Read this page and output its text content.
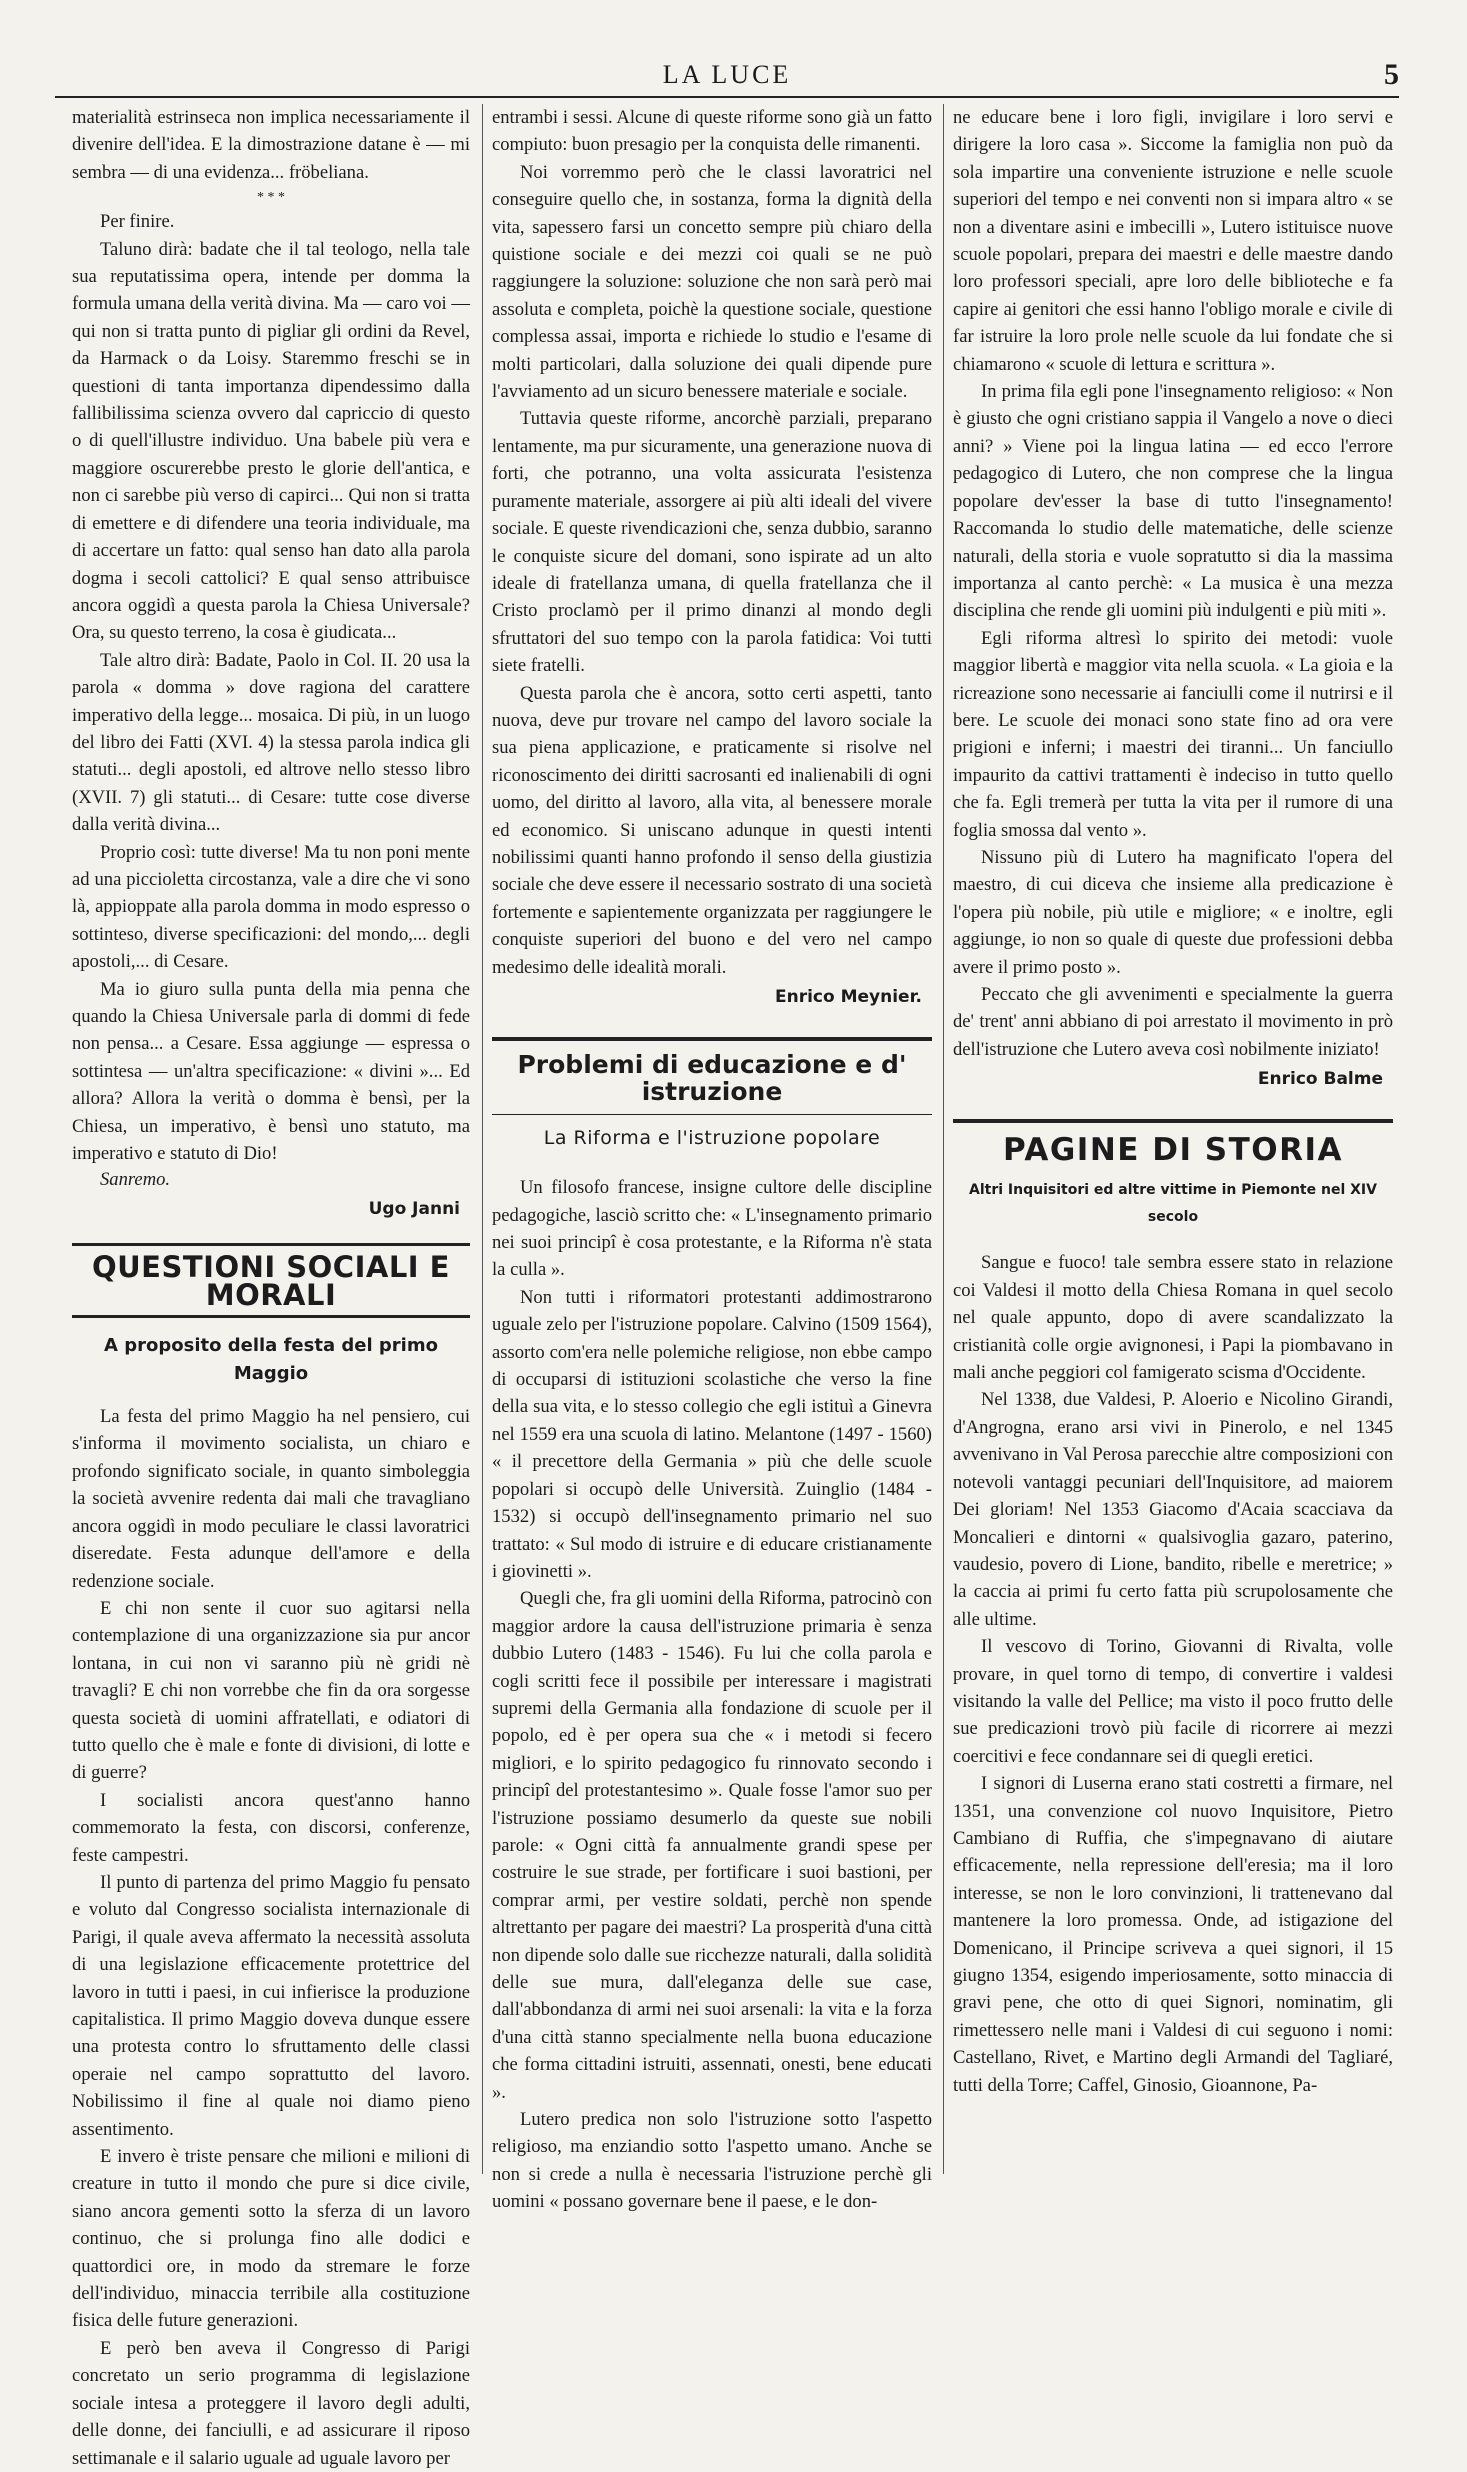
LA LUCE	5

materialità estrinseca non implica necessariamente il divenire dell'idea. E la dimostrazione datane è — mi sembra — di una evidenza... fröbeliana.

* * *

Per finire.

Taluno dirà: badate che il tal teologo, nella tale sua reputatissima opera, intende per domma la formula umana della verità divina. Ma — caro voi — qui non si tratta punto di pigliar gli ordini da Revel, da Harmack o da Loisy. Staremmo freschi se in questioni di tanta importanza dipendessimo dalla fallibilissima scienza ovvero dal capriccio di questo o di quell'illustre individuo. Una babele più vera e maggiore oscurerebbe presto le glorie dell'antica, e non ci sarebbe più verso di capirci... Qui non si tratta di emettere e di difendere una teoria individuale, ma di accertare un fatto: qual senso han dato alla parola dogma i secoli cattolici? E qual senso attribuisce ancora oggidì a questa parola la Chiesa Universale? Ora, su questo terreno, la cosa è giudicata...

Tale altro dirà: Badate, Paolo in Col. II. 20 usa la parola « domma » dove ragiona del carattere imperativo della legge... mosaica. Di più, in un luogo del libro dei Fatti (XVI. 4) la stessa parola indica gli statuti... degli apostoli, ed altrove nello stesso libro (XVII. 7) gli statuti... di Cesare: tutte cose diverse dalla verità divina...

Proprio così: tutte diverse! Ma tu non poni mente ad una piccioletta circostanza, vale a dire che vi sono là, appioppate alla parola domma in modo espresso o sottinteso, diverse specificazioni: del mondo,... degli apostoli,... di Cesare.

Ma io giuro sulla punta della mia penna che quando la Chiesa Universale parla di dommi di fede non pensa... a Cesare. Essa aggiunge — espressa o sottintesa — un'altra specificazione: « divini »... Ed allora? Allora la verità o domma è bensì, per la Chiesa, un imperativo, è bensì uno statuto, ma imperativo e statuto di Dio!

Sanremo.
Ugo Janni
QUESTIONI SOCIALI E MORALI
A proposito della festa del primo Maggio

La festa del primo Maggio ha nel pensiero, cui s'informa il movimento socialista, un chiaro e profondo significato sociale, in quanto simboleggia la società avvenire redenta dai mali che travagliano ancora oggidì in modo peculiare le classi lavoratrici diseredate. Festa adunque dell'amore e della redenzione sociale.

E chi non sente il cuor suo agitarsi nella contemplazione di una organizzazione sia pur ancor lontana, in cui non vi saranno più nè gridi nè travagli? E chi non vorrebbe che fin da ora sorgesse questa società di uomini affratellati, e odiatori di tutto quello che è male e fonte di divisioni, di lotte e di guerre?

I socialisti ancora quest'anno hanno commemorato la festa, con discorsi, conferenze, feste campestri.

Il punto di partenza del primo Maggio fu pensato e voluto dal Congresso socialista internazionale di Parigi, il quale aveva affermato la necessità assoluta di una legislazione efficacemente protettrice del lavoro in tutti i paesi, in cui infierisce la produzione capitalistica. Il primo Maggio doveva dunque essere una protesta contro lo sfruttamento delle classi operaie nel campo soprattutto del lavoro. Nobilissimo il fine al quale noi diamo pieno assentimento.

E invero è triste pensare che milioni e milioni di creature in tutto il mondo che pure si dice civile, siano ancora gementi sotto la sferza di un lavoro continuo, che si prolunga fino alle dodici e quattordici ore, in modo da stremare le forze dell'individuo, minaccia terribile alla costituzione fisica delle future generazioni.

E però ben aveva il Congresso di Parigi concretato un serio programma di legislazione sociale intesa a proteggere il lavoro degli adulti, delle donne, dei fanciulli, e ad assicurare il riposo settimanale e il salario uguale ad uguale lavoro per

entrambi i sessi. Alcune di queste riforme sono già un fatto compiuto: buon presagio per la conquista delle rimanenti.

Noi vorremmo però che le classi lavoratrici nel conseguire quello che, in sostanza, forma la dignità della vita, sapessero farsi un concetto sempre più chiaro della quistione sociale e dei mezzi coi quali se ne può raggiungere la soluzione: soluzione che non sarà però mai assoluta e completa, poichè la questione sociale, questione complessa assai, importa e richiede lo studio e l'esame di molti particolari, dalla soluzione dei quali dipende pure l'avviamento ad un sicuro benessere materiale e sociale.

Tuttavia queste riforme, ancorchè parziali, preparano lentamente, ma pur sicuramente, una generazione nuova di forti, che potranno, una volta assicurata l'esistenza puramente materiale, assorgere ai più alti ideali del vivere sociale. E queste rivendicazioni che, senza dubbio, saranno le conquiste sicure del domani, sono ispirate ad un alto ideale di fratellanza umana, di quella fratellanza che il Cristo proclamò per il primo dinanzi al mondo degli sfruttatori del suo tempo con la parola fatidica: Voi tutti siete fratelli.

Questa parola che è ancora, sotto certi aspetti, tanto nuova, deve pur trovare nel campo del lavoro sociale la sua piena applicazione, e praticamente si risolve nel riconoscimento dei diritti sacrosanti ed inalienabili di ogni uomo, del diritto al lavoro, alla vita, al benessere morale ed economico. Si uniscano adunque in questi intenti nobilissimi quanti hanno profondo il senso della giustizia sociale che deve essere il necessario sostrato di una società fortemente e sapientemente organizzata per raggiungere le conquiste superiori del buono e del vero nel campo medesimo delle idealità morali.

Enrico Meynier.
Problemi di educazione e d' istruzione
La Riforma e l'istruzione popolare

Un filosofo francese, insigne cultore delle discipline pedagogiche, lasciò scritto che: « L'insegnamento primario nei suoi principî è cosa protestante, e la Riforma n'è stata la culla ».

Non tutti i riformatori protestanti addimostrarono uguale zelo per l'istruzione popolare. Calvino (1509 1564), assorto com'era nelle polemiche religiose, non ebbe campo di occuparsi di istituzioni scolastiche che verso la fine della sua vita, e lo stesso collegio che egli istituì a Ginevra nel 1559 era una scuola di latino. Melantone (1497 - 1560) « il precettore della Germania » più che delle scuole popolari si occupò delle Università. Zuinglio (1484 - 1532) si occupò dell'insegnamento primario nel suo trattato: « Sul modo di istruire e di educare cristianamente i giovinetti ».

Quegli che, fra gli uomini della Riforma, patrocinò con maggior ardore la causa dell'istruzione primaria è senza dubbio Lutero (1483 - 1546). Fu lui che colla parola e cogli scritti fece il possibile per interessare i magistrati supremi della Germania alla fondazione di scuole per il popolo, ed è per opera sua che « i metodi si fecero migliori, e lo spirito pedagogico fu rinnovato secondo i principî del protestantesimo ». Quale fosse l'amor suo per l'istruzione possiamo desumerlo da queste sue nobili parole: « Ogni città fa annualmente grandi spese per costruire le sue strade, per fortificare i suoi bastioni, per comprar armi, per vestire soldati, perchè non spende altrettanto per pagare dei maestri? La prosperità d'una città non dipende solo dalle sue ricchezze naturali, dalla solidità delle sue mura, dall'eleganza delle sue case, dall'abbondanza di armi nei suoi arsenali: la vita e la forza d'una città stanno specialmente nella buona educazione che forma cittadini istruiti, assennati, onesti, bene educati ».

Lutero predica non solo l'istruzione sotto l'aspetto religioso, ma enziandio sotto l'aspetto umano. Anche se non si crede a nulla è necessaria l'istruzione perchè gli uomini « possano governare bene il paese, e le don-

ne educare bene i loro figli, invigilare i loro servi e dirigere la loro casa ». Siccome la famiglia non può da sola impartire una conveniente istruzione e nelle scuole superiori del tempo e nei conventi non si impara altro « se non a diventare asini e imbecilli », Lutero istituisce nuove scuole popolari, prepara dei maestri e delle maestre dando loro professori speciali, apre loro delle biblioteche e fa capire ai genitori che essi hanno l'obligo morale e civile di far istruire la loro prole nelle scuole da lui fondate che si chiamarono « scuole di lettura e scrittura ».

In prima fila egli pone l'insegnamento religioso: « Non è giusto che ogni cristiano sappia il Vangelo a nove o dieci anni? » Viene poi la lingua latina — ed ecco l'errore pedagogico di Lutero, che non comprese che la lingua popolare dev'esser la base di tutto l'insegnamento! Raccomanda lo studio delle matematiche, delle scienze naturali, della storia e vuole sopratutto si dia la massima importanza al canto perchè: « La musica è una mezza disciplina che rende gli uomini più indulgenti e più miti ».

Egli riforma altresì lo spirito dei metodi: vuole maggior libertà e maggior vita nella scuola. « La gioia e la ricreazione sono necessarie ai fanciulli come il nutrirsi e il bere. Le scuole dei monaci sono state fino ad ora vere prigioni e inferni; i maestri dei tiranni... Un fanciullo impaurito da cattivi trattamenti è indeciso in tutto quello che fa. Egli tremerà per tutta la vita per il rumore di una foglia smossa dal vento ».

Nissuno più di Lutero ha magnificato l'opera del maestro, di cui diceva che insieme alla predicazione è l'opera più nobile, più utile e migliore; « e inoltre, egli aggiunge, io non so quale di queste due professioni debba avere il primo posto ».

Peccato che gli avvenimenti e specialmente la guerra de' trent' anni abbiano di poi arrestato il movimento in prò dell'istruzione che Lutero aveva così nobilmente iniziato!

Enrico Balme
PAGINE DI STORIA
Altri Inquisitori ed altre vittime in Piemonte nel XIV secolo

Sangue e fuoco! tale sembra essere stato in relazione coi Valdesi il motto della Chiesa Romana in quel secolo nel quale appunto, dopo di avere scandalizzato la cristianità colle orgie avignonesi, i Papi la piombavano in mali anche peggiori col famigerato scisma d'Occidente.

Nel 1338, due Valdesi, P. Aloerio e Nicolino Girandi, d'Angrogna, erano arsi vivi in Pinerolo, e nel 1345 avvenivano in Val Perosa parecchie altre composizioni con notevoli vantaggi pecuniari dell'Inquisitore, ad maiorem Dei gloriam! Nel 1353 Giacomo d'Acaia scacciava da Moncalieri e dintorni « qualsivoglia gazaro, paterino, vaudesio, povero di Lione, bandito, ribelle e meretrice; » la caccia ai primi fu certo fatta più scrupolosamente che alle ultime.

Il vescovo di Torino, Giovanni di Rivalta, volle provare, in quel torno di tempo, di convertire i valdesi visitando la valle del Pellice; ma visto il poco frutto delle sue predicazioni trovò più facile di ricorrere ai mezzi coercitivi e fece condannare sei di quegli eretici.

I signori di Luserna erano stati costretti a firmare, nel 1351, una convenzione col nuovo Inquisitore, Pietro Cambiano di Ruffia, che s'impegnavano di aiutare efficacemente, nella repressione dell'eresia; ma il loro interesse, se non le loro convinzioni, li trattenevano dal mantenere la loro promessa. Onde, ad istigazione del Domenicano, il Principe scriveva a quei signori, il 15 giugno 1354, esigendo imperiosamente, sotto minaccia di gravi pene, che otto di quei Signori, nominatim, gli rimettessero nelle mani i Valdesi di cui seguono i nomi: Castellano, Rivet, e Martino degli Armandi del Tagliaré, tutti della Torre; Caffel, Ginosio, Gioannone, Pa-
